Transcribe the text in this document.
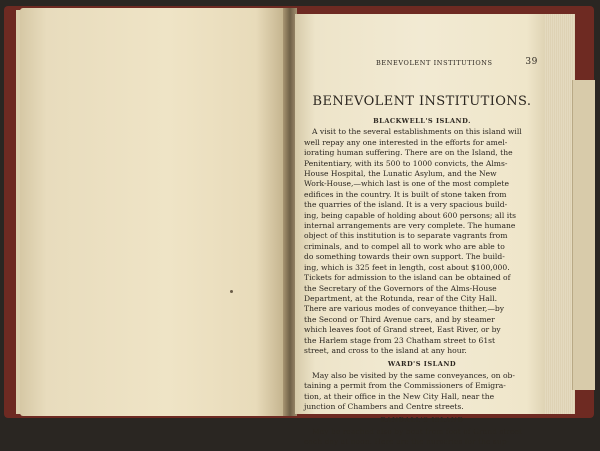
BENEVOLENT INSTITUTIONS	39
BENEVOLENT INSTITUTIONS.
BLACKWELL'S ISLAND.
A visit to the several establishments on this island will
well repay any one interested in the efforts for amel-
iorating human suffering. There are on the Island, the
Penitentiary, with its 500 to 1000 convicts, the Alms-
House Hospital, the Lunatic Asylum, and the New
Work-House,—which last is one of the most complete
edifices in the country. It is built of stone taken from
the quarries of the island. It is a very spacious build-
ing, being capable of holding about 600 persons; all its
internal arrangements are very complete. The humane
object of this institution is to separate vagrants from
criminals, and to compel all to work who are able to
do something towards their own support. The build-
ing, which is 325 feet in length, cost about $100,000.
Tickets for admission to the island can be obtained of
the Secretary of the Governors of the Alms-House
Department, at the Rotunda, rear of the City Hall.
There are various modes of conveyance thither,—by
the Second or Third Avenue cars, and by steamer
which leaves foot of Grand street, East River, or by
the Harlem stage from 23 Chatham street to 61st
street, and cross to the island at any hour.
WARD'S ISLAND
May also be visited by the same conveyances, on ob-
taining a permit from the Commissioners of Emigra-
tion, at their office in the New City Hall, near the
junction of Chambers and Centre streets.
RANDALL'S ISLAND
May be reached also by boat from foot of Grand street
each day at noon. Here are the nurseries for the sup-
